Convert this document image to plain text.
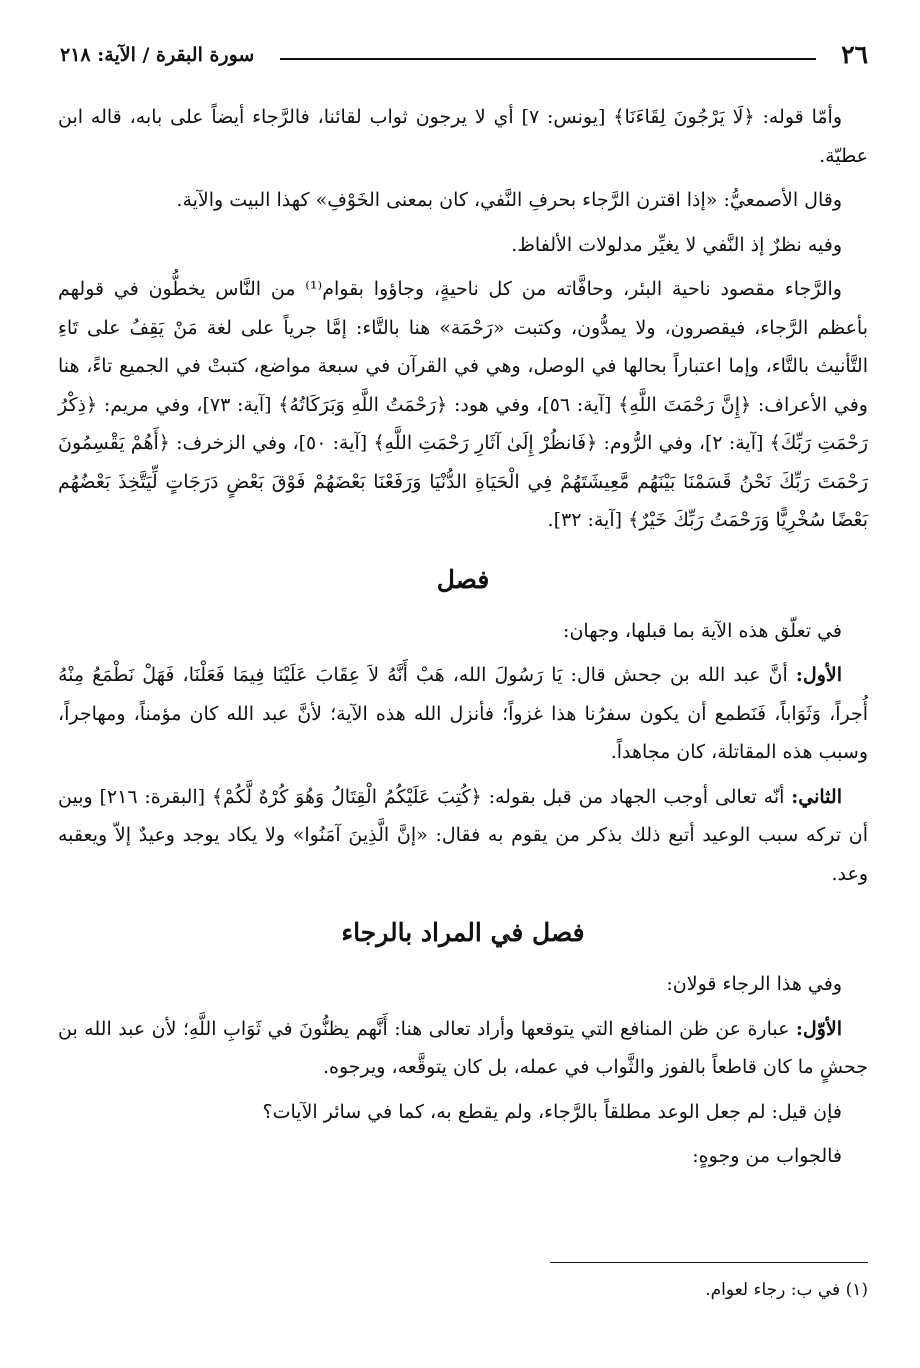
٢٦
سورة البقرة / الآية: ٢١٨

وأمّا قوله: ﴿لَا يَرْجُونَ لِقَاءَنَا﴾ [يونس: ٧] أي لا يرجون ثواب لقائنا، فالرَّجاء أيضاً على بابه، قاله ابن عطيّة.

وقال الأصمعيُّ: «إذا اقترن الرَّجاء بحرفِ النَّفي، كان بمعنى الخَوْفِ» كهذا البيت والآية.

وفيه نظرٌ إذ النَّفي لا يغيِّر مدلولات الألفاظ.

والرَّجاء مقصود ناحية البئر، وحافَّاته من كل ناحيةٍ، وجاؤوا بقوام⁽¹⁾ من النَّاس يخطُّون في قولهم بأعظم الرَّجاء، فيقصرون، ولا يمدُّون، وكتبت «رَحْمَة» هنا بالتَّاء: إمَّا جرياً على لغة مَنْ يَقِفُ على تَاءِ التَّأنيث بالتَّاء، وإما اعتباراً بحالها في الوصل، وهي في القرآن في سبعة مواضع، كتبتْ في الجميع تاءً، هنا وفي الأعراف: ﴿إِنَّ رَحْمَتَ اللَّهِ﴾ [آية: ٥٦]، وفي هود: ﴿رَحْمَتُ اللَّهِ وَبَرَكَاتُهُ﴾ [آية: ٧٣]، وفي مريم: ﴿ذِكْرُ رَحْمَتِ رَبِّكَ﴾ [آية: ٢]، وفي الرُّوم: ﴿فَانظُرْ إِلَىٰ آثَارِ رَحْمَتِ اللَّهِ﴾ [آية: ٥٠]، وفي الزخرف: ﴿أَهُمْ يَقْسِمُونَ رَحْمَتَ رَبِّكَ نَحْنُ قَسَمْنَا بَيْنَهُم مَّعِيشَتَهُمْ فِي الْحَيَاةِ الدُّنْيَا وَرَفَعْنَا بَعْضَهُمْ فَوْقَ بَعْضٍ دَرَجَاتٍ لِّيَتَّخِذَ بَعْضُهُم بَعْضًا سُخْرِيًّا وَرَحْمَتُ رَبِّكَ خَيْرٌ﴾ [آية: ٣٢].

فصل

في تعلّق هذه الآية بما قبلها، وجهان:

الأول: أنَّ عبد الله بن جحش قال: يَا رَسُولَ الله، هَبْ أَنَّهُ لاَ عِقَابَ عَلَيْنَا فِيمَا فَعَلْنَا، فَهَلْ نَطْمَعُ مِنْهُ أُجراً، وَثَوَاباً، فَنَطمع أن يكون سفرُنا هذا غزواً؛ فأنزل الله هذه الآية؛ لأنَّ عبد الله كان مؤمناً، ومهاجراً، وسبب هذه المقاتلة، كان مجاهداً.

الثاني: أنّه تعالى أوجب الجهاد من قبل بقوله: ﴿كُتِبَ عَلَيْكُمُ الْقِتَالُ وَهُوَ كُرْهٌ لَّكُمْ﴾ [البقرة: ٢١٦] وبين أن تركه سبب الوعيد أتبع ذلك بذكر من يقوم به فقال: «إنَّ الَّذِينَ آمَنُوا» ولا يكاد يوجد وعيدٌ إلاّ ويعقبه وعد.

فصل في المراد بالرجاء

وفي هذا الرجاء قولان:

الأوّل: عبارة عن ظن المنافع التي يتوقعها وأراد تعالى هنا: أَنَّهم يظنُّونَ في ثَوَابِ اللَّهِ؛ لأن عبد الله بن جحشٍ ما كان قاطعاً بالفوز والثَّواب في عمله، بل كان يتوقَّعه، ويرجوه.

فإن قيل: لم جعل الوعد مطلقاً بالرَّجاء، ولم يقطع به، كما في سائر الآيات؟

فالجواب من وجوهٍ:

(١) في ب: رجاء لعوام.
